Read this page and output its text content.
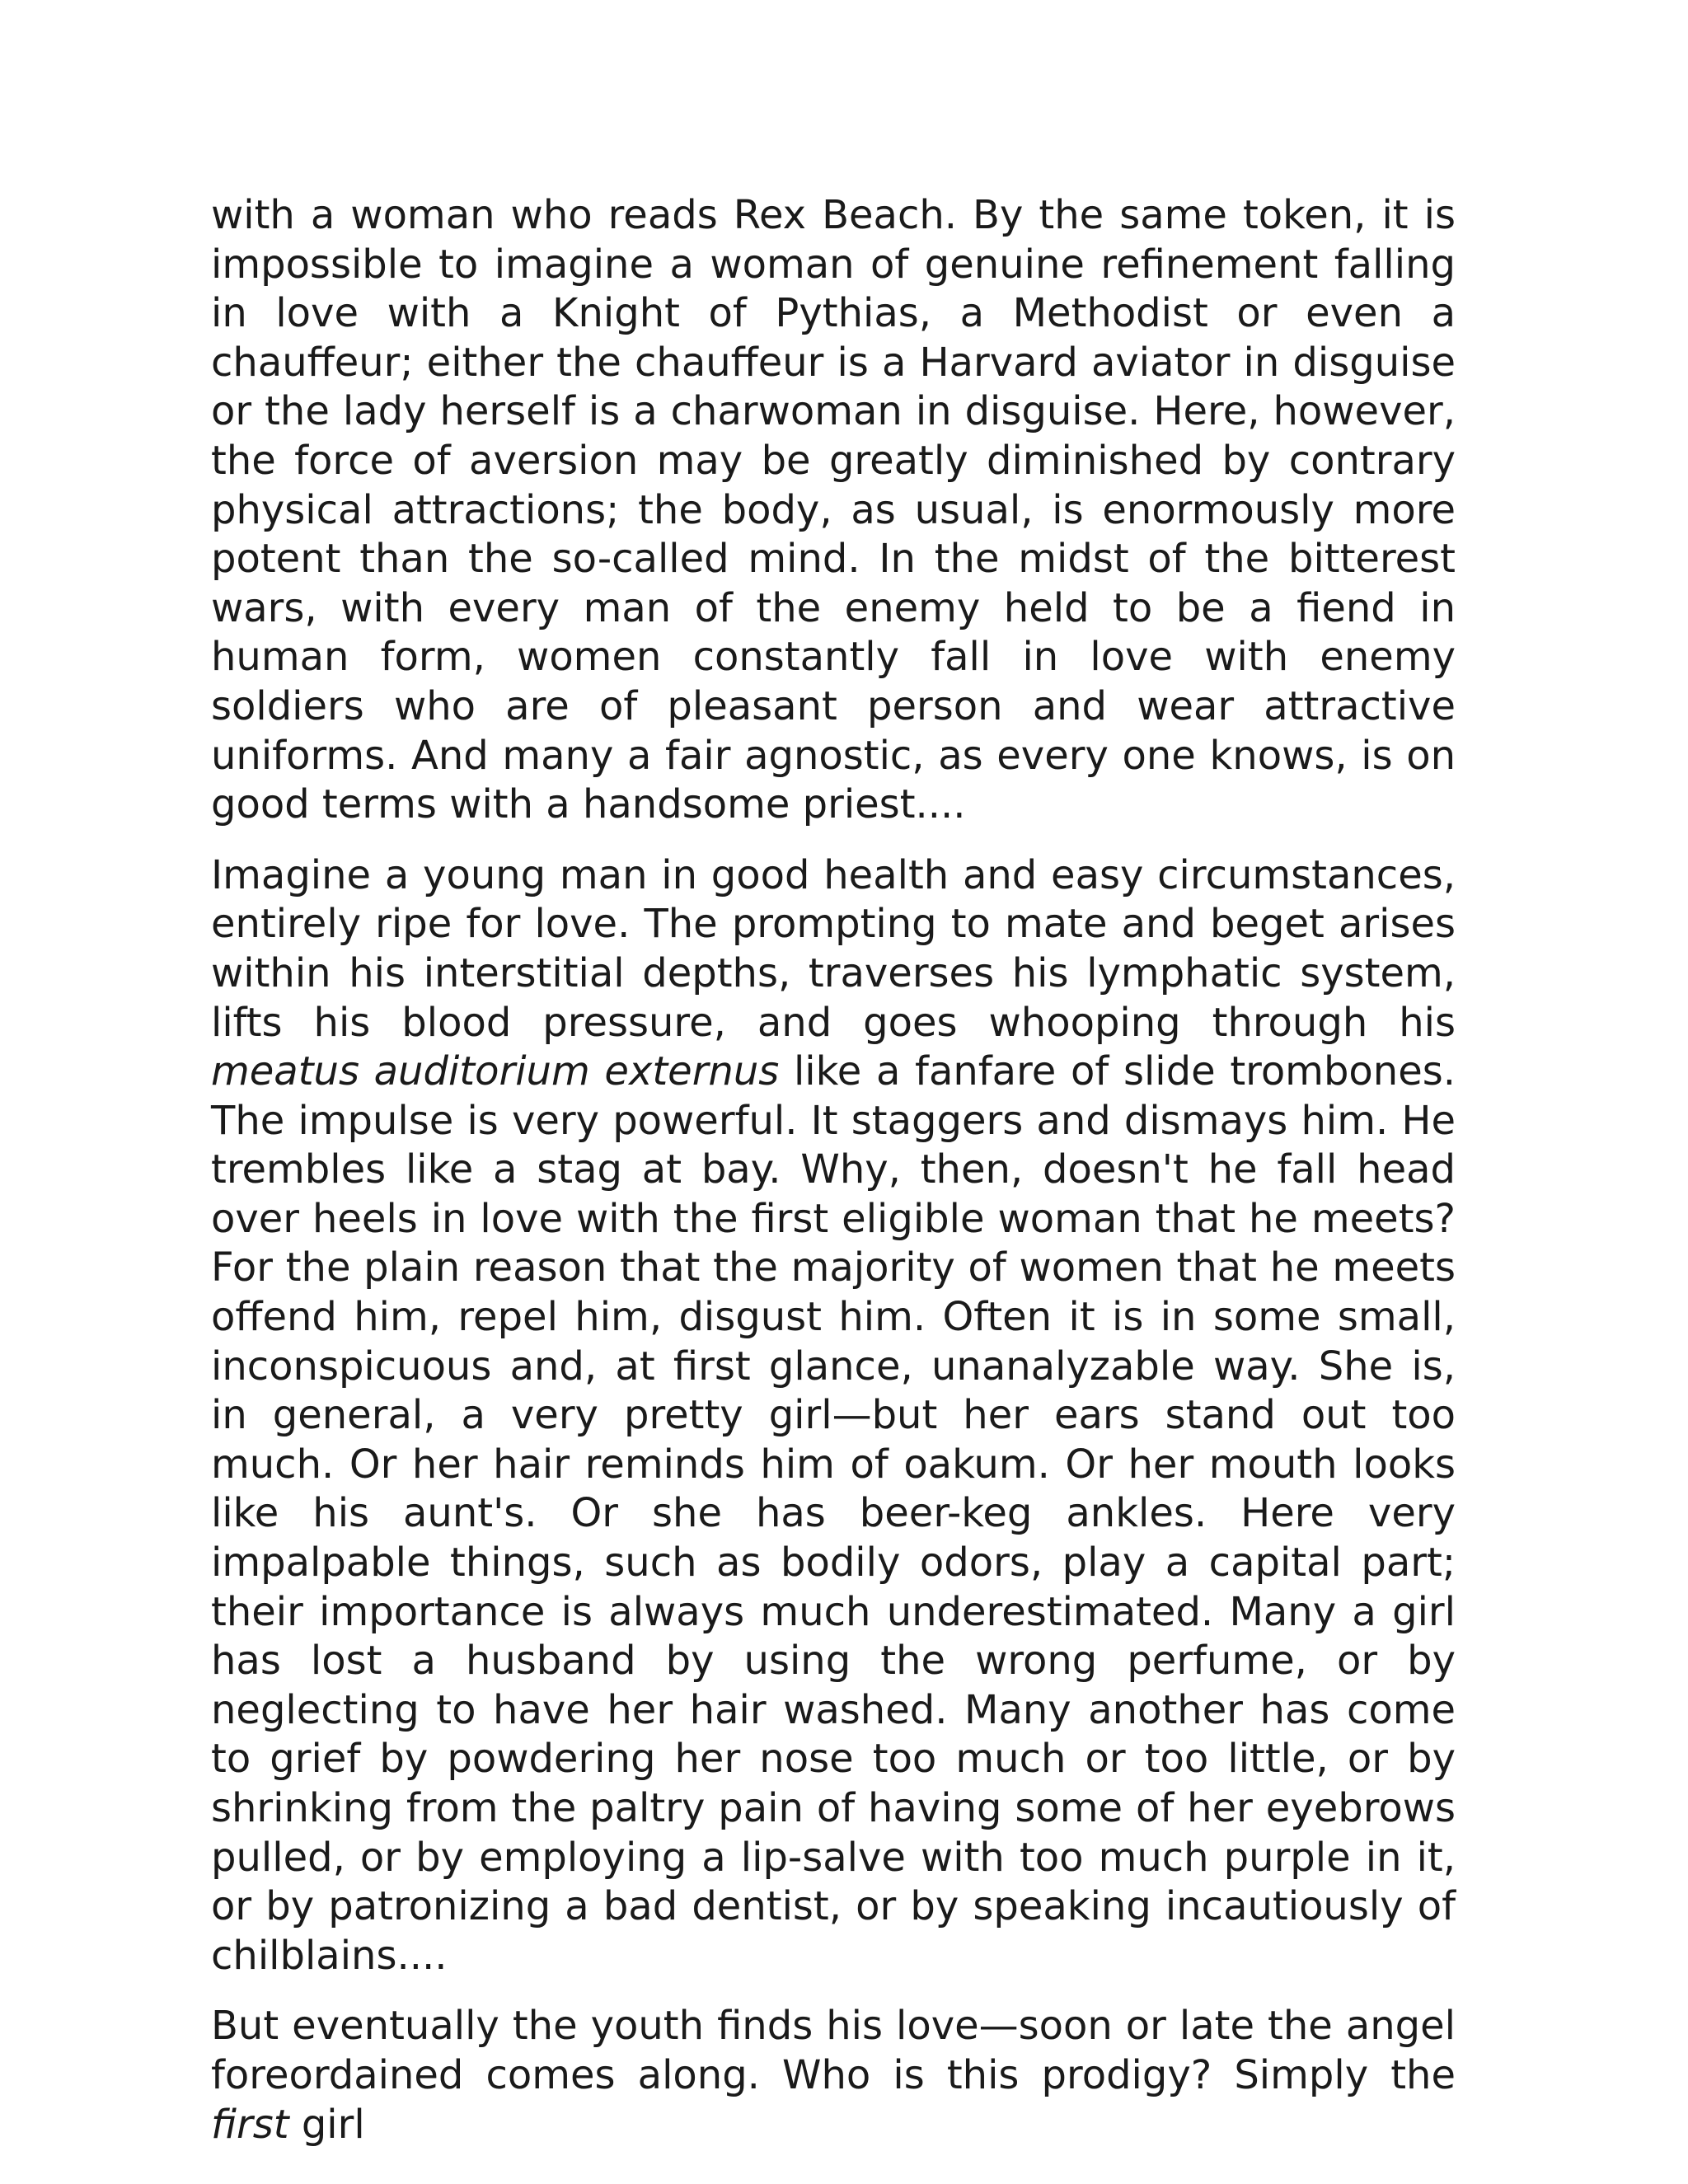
with a woman who reads Rex Beach. By the same token, it is impossible to imagine a woman of genuine refinement falling in love with a Knight of Pythias, a Methodist or even a chauffeur; either the chauffeur is a Harvard aviator in disguise or the lady herself is a charwoman in disguise. Here, however, the force of aversion may be greatly diminished by contrary physical attractions; the body, as usual, is enormously more potent than the so-called mind. In the midst of the bitterest wars, with every man of the enemy held to be a fiend in human form, women constantly fall in love with enemy soldiers who are of pleasant person and wear attractive uniforms. And many a fair agnostic, as every one knows, is on good terms with a handsome priest....

Imagine a young man in good health and easy circumstances, entirely ripe for love. The prompting to mate and beget arises within his interstitial depths, traverses his lymphatic system, lifts his blood pressure, and goes whooping through his meatus auditorium externus like a fanfare of slide trombones. The impulse is very powerful. It staggers and dismays him. He trembles like a stag at bay. Why, then, doesn't he fall head over heels in love with the first eligible woman that he meets? For the plain reason that the majority of women that he meets offend him, repel him, disgust him. Often it is in some small, inconspicuous and, at first glance, unanalyzable way. She is, in general, a very pretty girl—but her ears stand out too much. Or her hair reminds him of oakum. Or her mouth looks like his aunt's. Or she has beer-keg ankles. Here very impalpable things, such as bodily odors, play a capital part; their importance is always much underestimated. Many a girl has lost a husband by using the wrong perfume, or by neglecting to have her hair washed. Many another has come to grief by powdering her nose too much or too little, or by shrinking from the paltry pain of having some of her eyebrows pulled, or by employing a lip-salve with too much purple in it, or by patronizing a bad dentist, or by speaking incautiously of chilblains....

But eventually the youth finds his love—soon or late the angel foreordained comes along. Who is this prodigy? Simply the first girl
